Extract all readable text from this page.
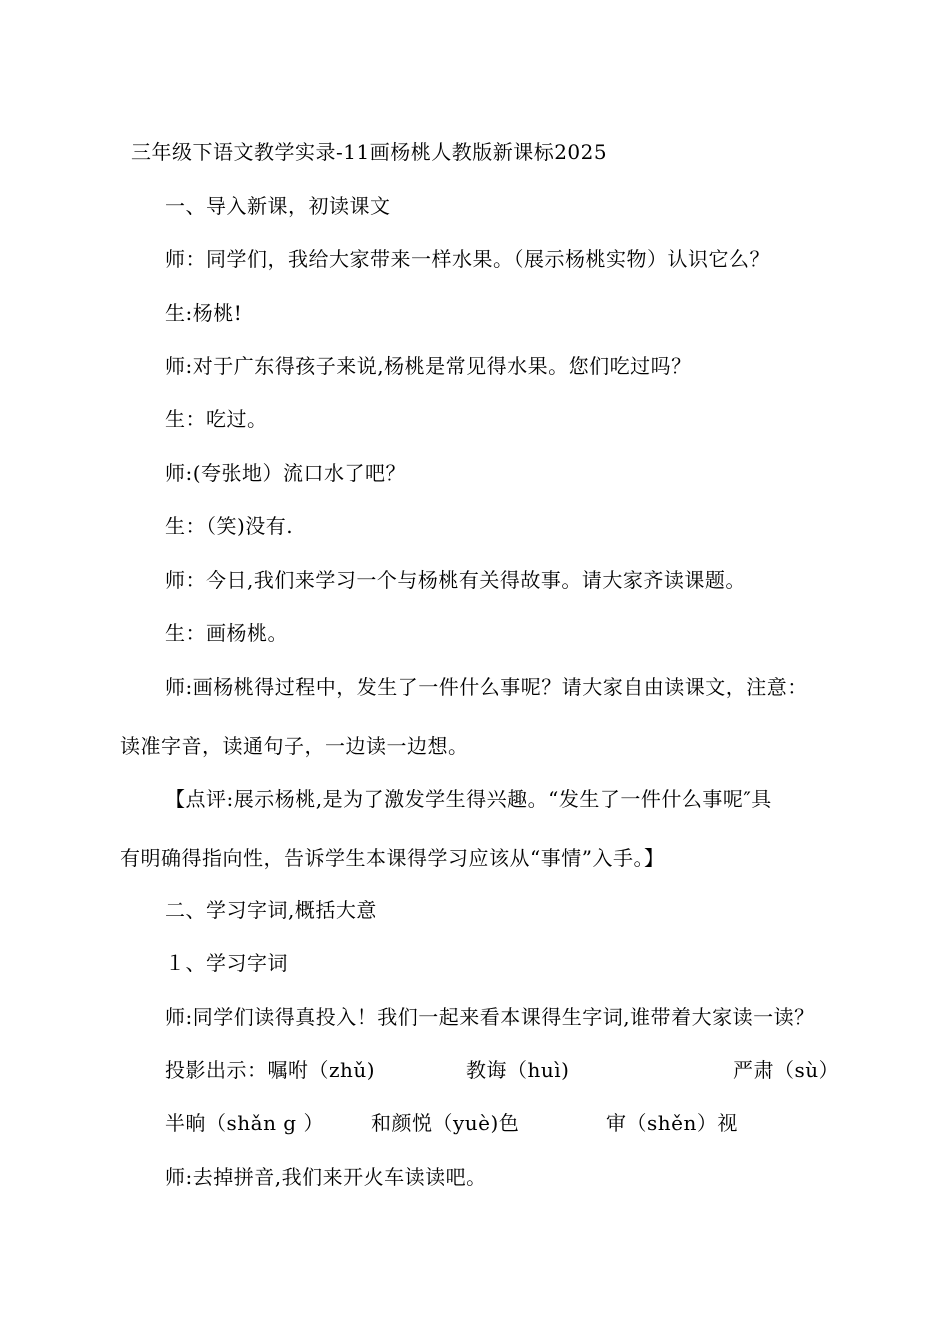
三年级下语文教学实录-11画杨桃人教版新课标2025
一、导入新课，初读课文
师：同学们，我给大家带来一样水果。（展示杨桃实物）认识它么？
生:杨桃!
师:对于广东得孩子来说,杨桃是常见得水果。您们吃过吗？
生：吃过。
师:(夸张地）流口水了吧？
生：（笑)没有.
师：今日,我们来学习一个与杨桃有关得故事。请大家齐读课题。
生：画杨桃。
师:画杨桃得过程中，发生了一件什么事呢？请大家自由读课文，注意：
读准字音，读通句子，一边读一边想。
【点评:展示杨桃,是为了激发学生得兴趣。“发生了一件什么事呢″具
有明确得指向性，告诉学生本课得学习应该从“事情”入手。】
二、学习字词,概括大意
１、学习字词
师:同学们读得真投入！我们一起来看本课得生字词,谁带着大家读一读？
投影出示：嘱咐（zhǔ)	教诲（huì)	严肃（sù）
半晌（shǎn g ） 和颜悦（yuè)色	审（shěn）视
师:去掉拼音,我们来开火车读读吧。
